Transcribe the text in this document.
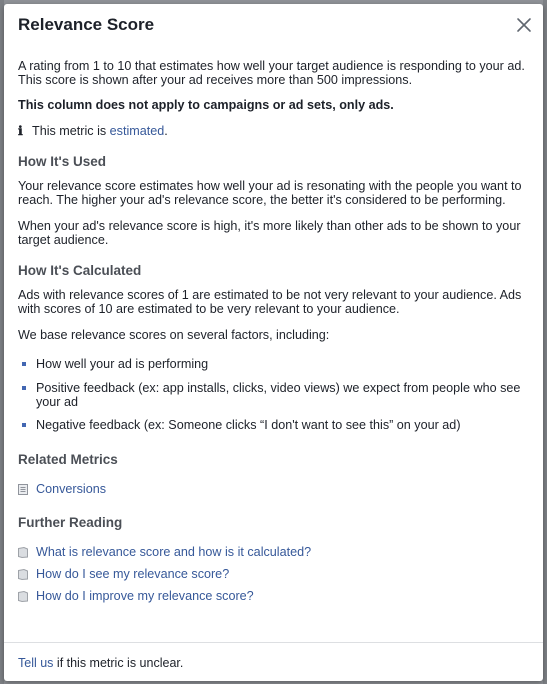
Relevance Score

A rating from 1 to 10 that estimates how well your target audience is responding to your ad.

This score is shown after your ad receives more than 500 impressions.

This column does not apply to campaigns or ad sets, only ads.

ℹ This metric is estimated .
How It's Used

Your relevance score estimates how well your ad is resonating with the people you want to

reach. The higher your ad's relevance score, the better it's considered to be performing.

When your ad's relevance score is high, it's more likely than other ads to be shown to your

target audience.

How It's Calculated

Ads with relevance scores of 1 are estimated to be not very relevant to your audience. Ads

with scores of 10 are estimated to be very relevant to your audience.

We base relevance scores on several factors, including:

How well your ad is performing
Positive feedback (ex: app installs, clicks, video views) we expect from people who see
your ad
Negative feedback (ex: Someone clicks “I don't want to see this” on your ad)
Related Metrics
Conversions
Further Reading
What is relevance score and how is it calculated?
How do I see my relevance score?
How do I improve my relevance score?
Tell us if this metric is unclear.
